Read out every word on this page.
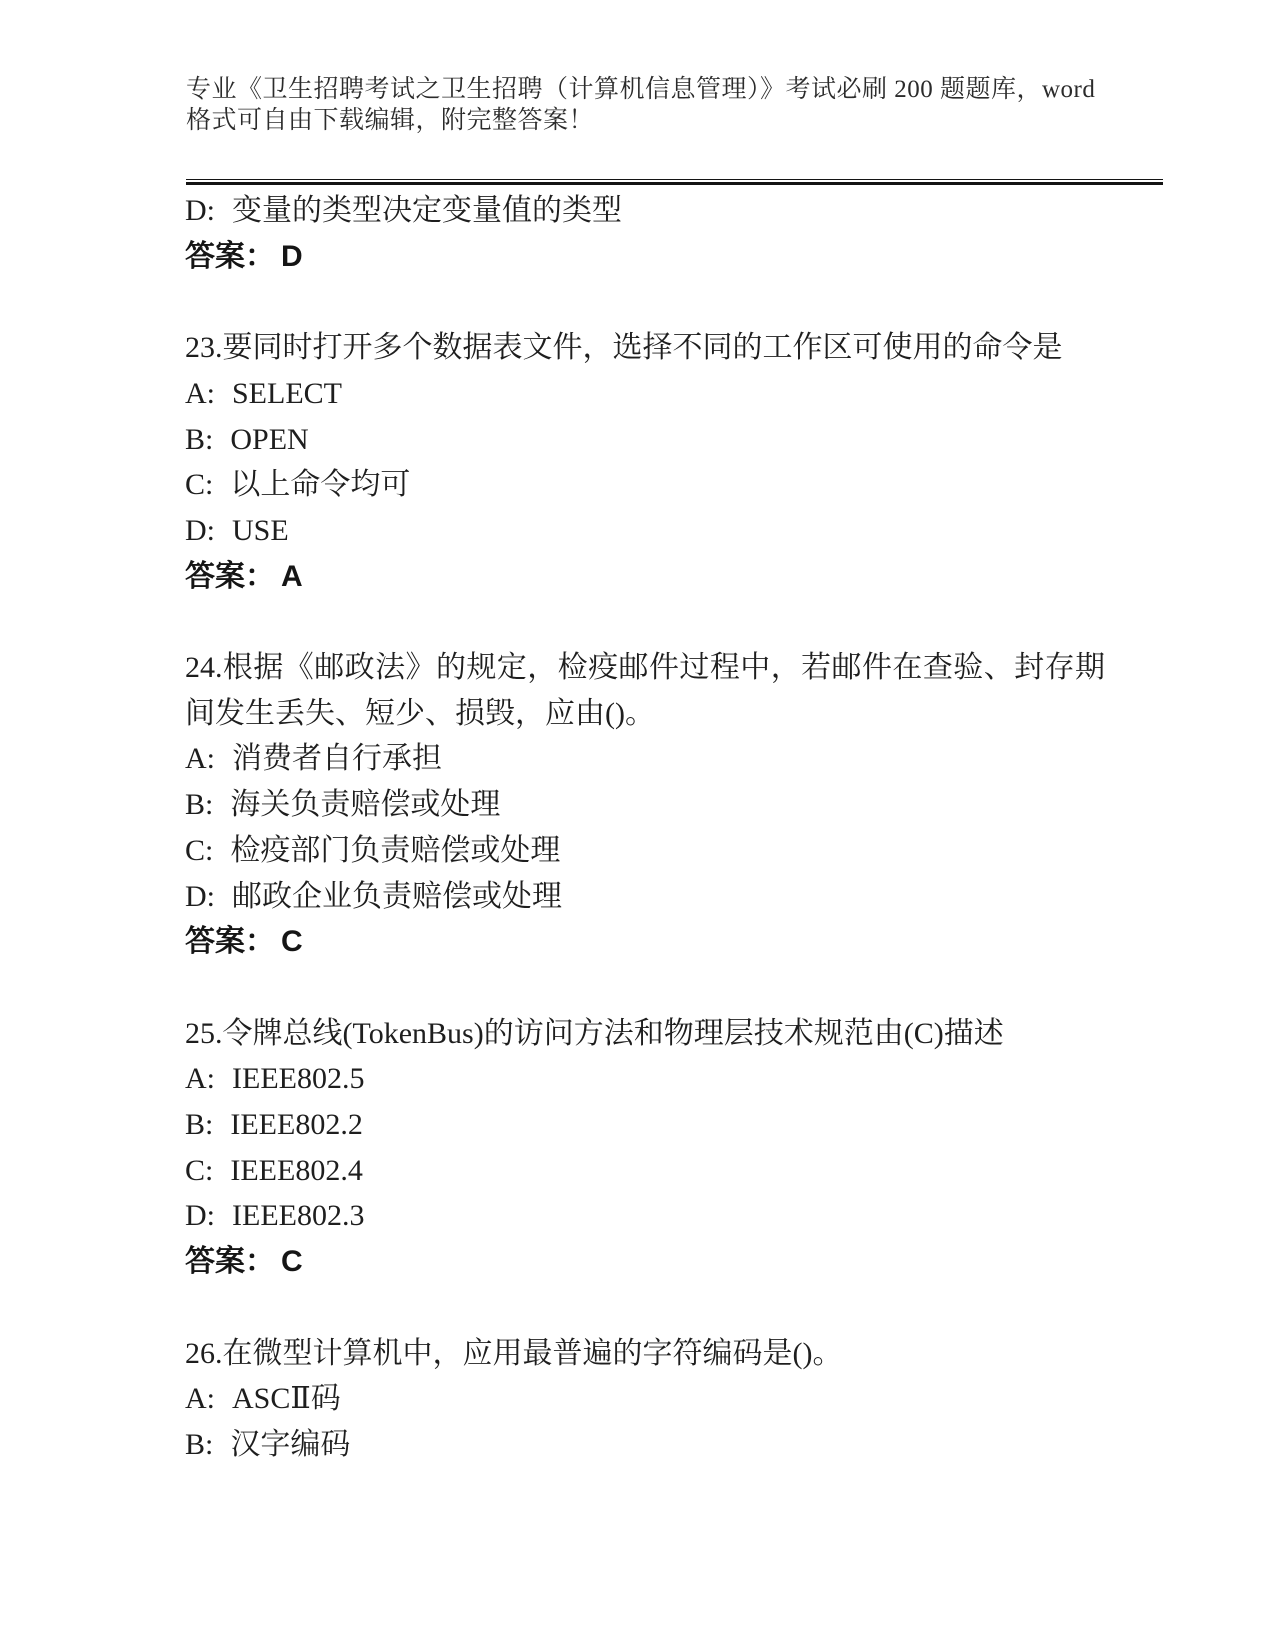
专业《卫生招聘考试之卫生招聘（计算机信息管理）》考试必刷 200 题题库，word
格式可自由下载编辑，附完整答案！
D: 变量的类型决定变量值的类型
答案： D
23.要同时打开多个数据表文件，选择不同的工作区可使用的命令是
A: SELECT
B: OPEN
C: 以上命令均可
D: USE
答案： A
24.根据《邮政法》的规定，检疫邮件过程中，若邮件在查验、封存期间发生丢失、短少、损毁，应由()。
A: 消费者自行承担
B: 海关负责赔偿或处理
C: 检疫部门负责赔偿或处理
D: 邮政企业负责赔偿或处理
答案： C
25.令牌总线(TokenBus)的访问方法和物理层技术规范由(C)描述
A: IEEE802.5
B: IEEE802.2
C: IEEE802.4
D: IEEE802.3
答案： C
26.在微型计算机中，应用最普遍的字符编码是()。
A: ASCⅡ码
B: 汉字编码
